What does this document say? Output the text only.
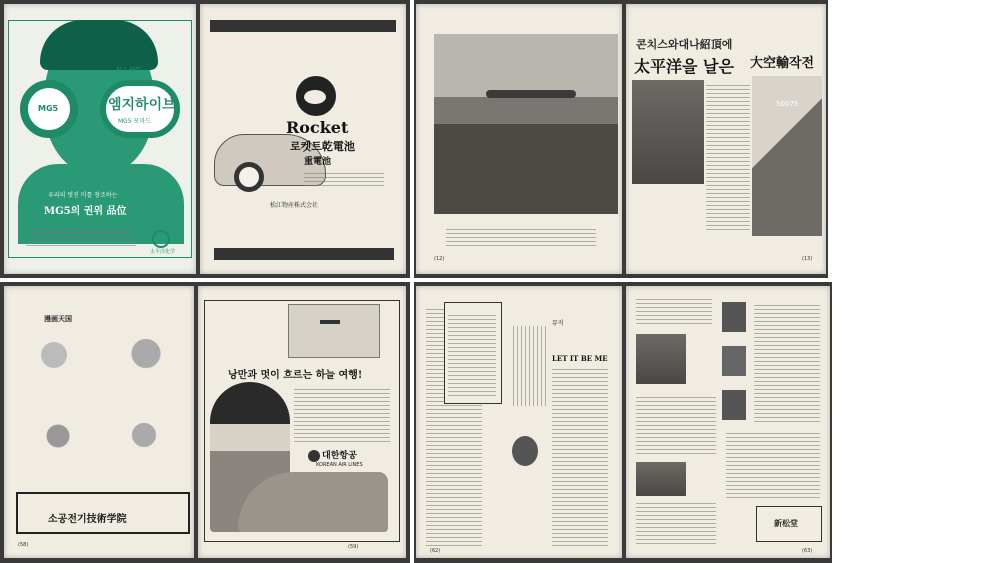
ALL AMS
엠지하이브
MG5 포마드
MG5
우리의 멋진 미를 창조하는
MG5의 권위 品位
太平洋化学
Rocket
로켓트乾電池
重電池
松江物産株式会社
(12)
콘치스와대나紹頂에
太平洋을 날은 大空輸작전
50075
(13)
漫画天国
소공전기技術学院
(58)
낭만과 멋이 흐르는 하늘 여행!
대한항공
KOREAN AIR LINES
(59)
뮤직
LET IT BE ME
(62)
新松堂
(63)
